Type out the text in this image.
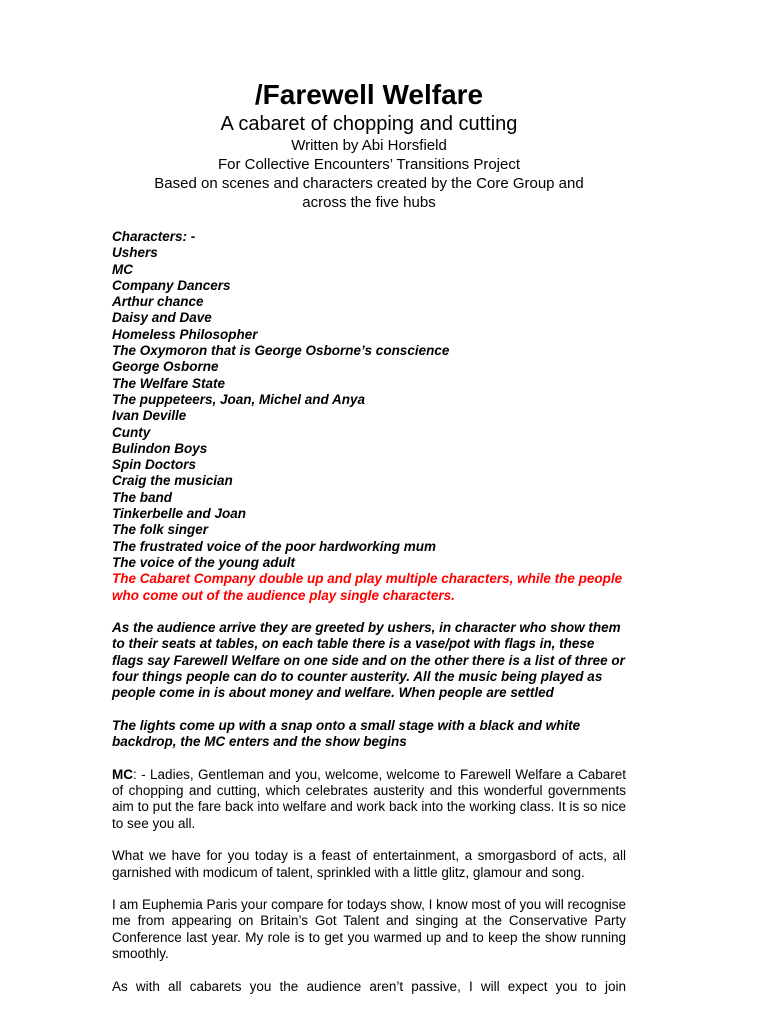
/Farewell Welfare

A cabaret of chopping and cutting

Written by Abi Horsfield

For Collective Encounters’ Transitions Project

Based on scenes and characters created by the Core Group and

across the five hubs

Characters: -

Ushers

MC

Company Dancers

Arthur chance

Daisy and Dave

Homeless Philosopher

The Oxymoron that is George Osborne’s conscience

George Osborne

The Welfare State

The puppeteers, Joan, Michel and Anya

Ivan Deville

Cunty

Bulindon Boys

Spin Doctors

Craig the musician

The band

Tinkerbelle and Joan

The folk singer

The frustrated voice of the poor hardworking mum

The voice of the young adult

The Cabaret Company double up and play multiple characters, while the people who come out of the audience play single characters.

As the audience arrive they are greeted by ushers, in character who show them to their seats at tables, on each table there is a vase/pot with flags in, these flags say Farewell Welfare on one side and on the other there is a list of three or four things people can do to counter austerity. All the music being played as people come in is about money and welfare. When people are settled

The lights come up with a snap onto a small stage with a black and white backdrop, the MC enters and the show begins

MC: - Ladies, Gentleman and you, welcome, welcome to Farewell Welfare a Cabaret of chopping and cutting, which celebrates austerity and this wonderful governments aim to put the fare back into welfare and work back into the working class. It is so nice to see you all.

What we have for you today is a feast of entertainment, a smorgasbord of acts, all garnished with modicum of talent, sprinkled with a little glitz, glamour and song.

I am Euphemia Paris your compare for todays show, I know most of you will recognise me from appearing on Britain’s Got Talent and singing at the Conservative Party Conference last year. My role is to get you warmed up and to keep the show running smoothly.

As with all cabarets you the audience aren’t passive, I will expect you to join
